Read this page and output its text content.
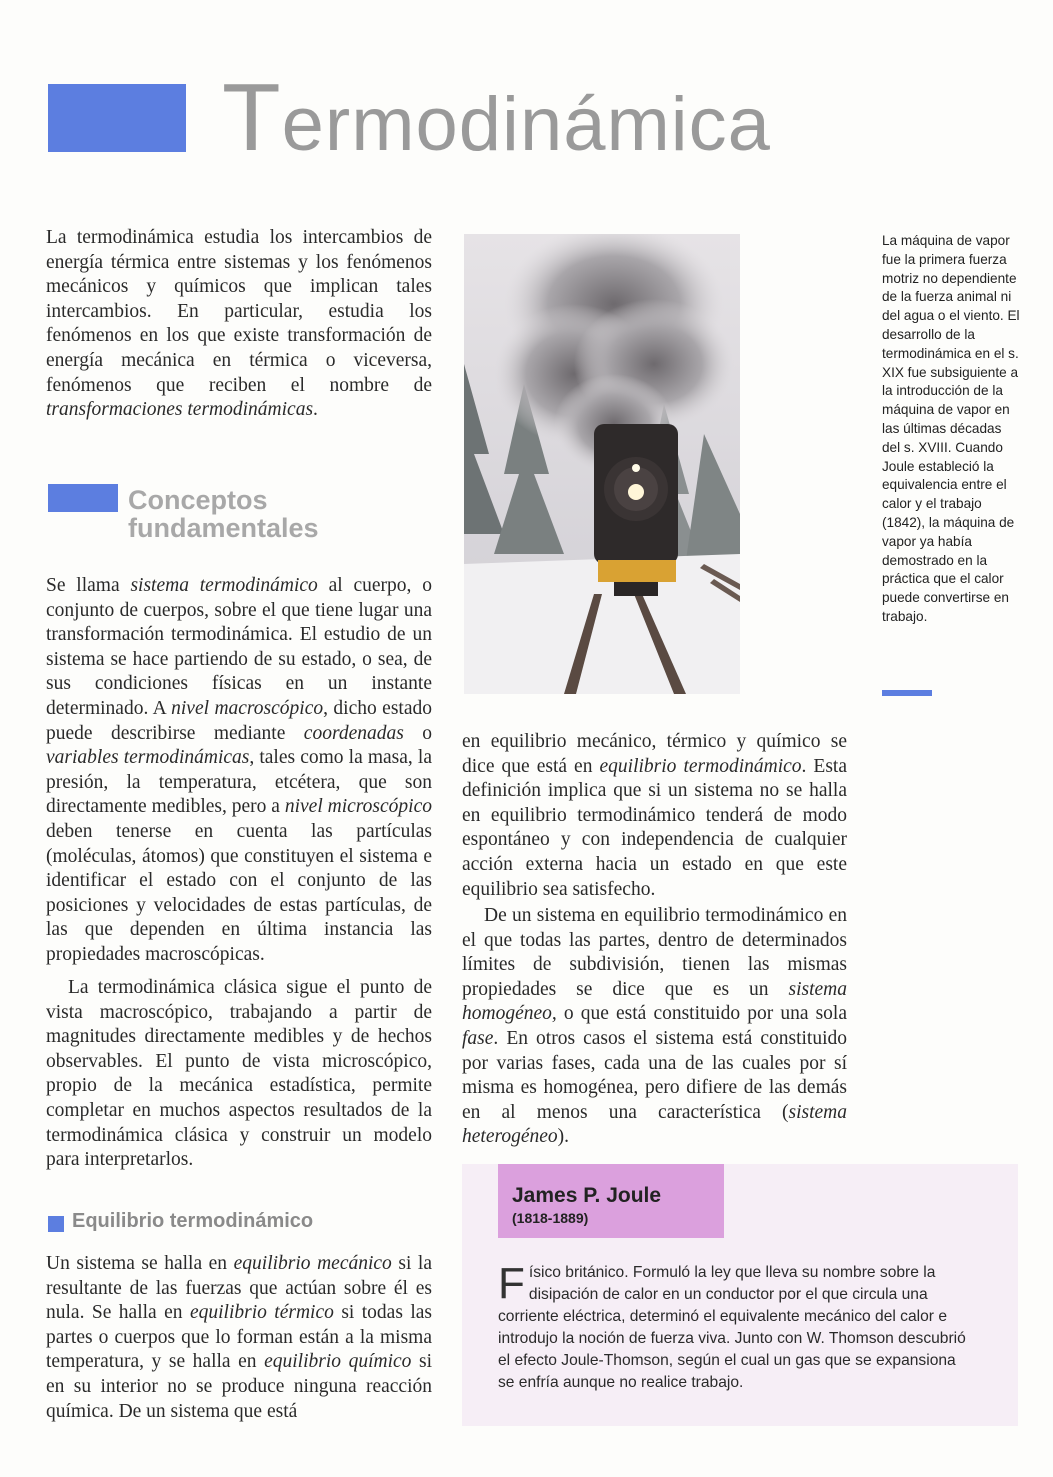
Termodinámica

La termodinámica estudia los intercambios de energía térmica entre sistemas y los fenómenos mecánicos y químicos que implican tales intercambios. En particular, estudia los fenómenos en los que existe transformación de energía mecánica en térmica o viceversa, fenómenos que reciben el nombre de transformaciones termodinámicas.

La máquina de vapor fue la primera fuerza motriz no dependiente de la fuerza animal ni del agua o el viento. El desarrollo de la termodinámica en el s. XIX fue subsiguiente a la introducción de la máquina de vapor en las últimas décadas del s. XVIII. Cuando Joule estableció la equivalencia entre el calor y el trabajo (1842), la máquina de vapor ya había demostrado en la práctica que el calor puede convertirse en trabajo.
Conceptos
fundamentales

Se llama sistema termodinámico al cuerpo, o conjunto de cuerpos, sobre el que tiene lugar una transformación termodinámica. El estudio de un sistema se hace partiendo de su estado, o sea, de sus condiciones físicas en un instante determinado. A nivel macroscópico, dicho estado puede describirse mediante coordenadas o variables termodinámicas, tales como la masa, la presión, la temperatura, etcétera, que son directamente medibles, pero a nivel microscópico deben tenerse en cuenta las partículas (moléculas, átomos) que constituyen el sistema e identificar el estado con el conjunto de las posiciones y velocidades de estas partículas, de las que dependen en última instancia las propiedades macroscópicas.

La termodinámica clásica sigue el punto de vista macroscópico, trabajando a partir de magnitudes directamente medibles y de hechos observables. El punto de vista microscópico, propio de la mecánica estadística, permite completar en muchos aspectos resultados de la termodinámica clásica y construir un modelo para interpretarlos.

Equilibrio termodinámico

Un sistema se halla en equilibrio mecánico si la resultante de las fuerzas que actúan sobre él es nula. Se halla en equilibrio térmico si todas las partes o cuerpos que lo forman están a la misma temperatura, y se halla en equilibrio químico si en su interior no se produce ninguna reacción química. De un sistema que está

en equilibrio mecánico, térmico y químico se dice que está en equilibrio termodinámico. Esta definición implica que si un sistema no se halla en equilibrio termodinámico tenderá de modo espontáneo y con independencia de cualquier acción externa hacia un estado en que este equilibrio sea satisfecho.

De un sistema en equilibrio termodinámico en el que todas las partes, dentro de determinados límites de subdivisión, tienen las mismas propiedades se dice que es un sistema homogéneo, o que está constituido por una sola fase. En otros casos el sistema está constituido por varias fases, cada una de las cuales por sí misma es homogénea, pero difiere de las demás en al menos una característica (sistema heterogéneo).

James P. Joule
(1818-1889)
Físico británico. Formuló la ley que lleva su nombre sobre la disipación de calor en un conductor por el que circula una corriente eléctrica, determinó el equivalente mecánico del calor e introdujo la noción de fuerza viva. Junto con W. Thomson descubrió el efecto Joule-Thomson, según el cual un gas que se expansiona se enfría aunque no realice trabajo.
